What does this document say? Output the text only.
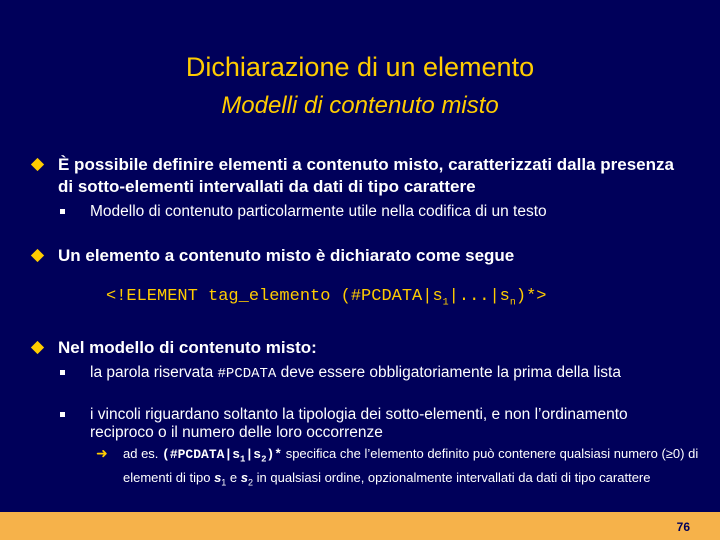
Dichiarazione di un elemento
Modelli di contenuto misto
È possibile definire elementi a contenuto misto, caratterizzati dalla presenza di sotto-elementi intervallati da dati di tipo carattere
Modello di contenuto particolarmente utile nella codifica di un testo
Un elemento a contenuto misto è dichiarato come segue
<!ELEMENT tag_elemento $(\#PCDATA|s_1|...|s_n)*>$
Nel modello di contenuto misto:
la parola riservata #PCDATA deve essere obbligatoriamente la prima della lista
i vincoli riguardano soltanto la tipologia dei sotto-elementi, e non l’ordinamento reciproco o il numero delle loro occorrenze
➜ ad es. $(\#PCDATA|s_1|s_2)*$ specifica che l’elemento definito può contenere qualsiasi numero (≥0) di elementi di tipo $s_1$ e $s_2$ in qualsiasi ordine, opzionalmente intervallati da dati di tipo carattere
76
